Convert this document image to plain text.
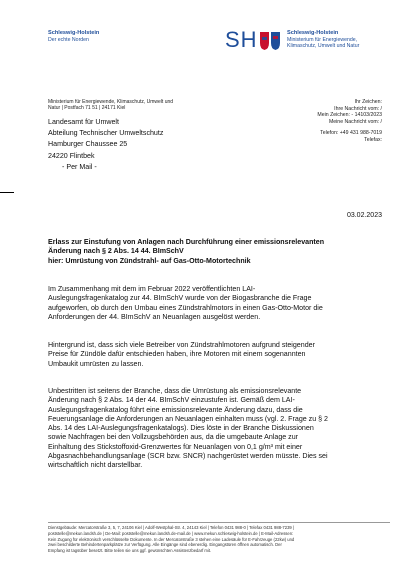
Schleswig-Holstein
Der echte Norden	SH	Schleswig-Holstein
Ministerium für Energiewende,
Klimaschutz, Umwelt und Natur
Ministerium für Energiewende, Klimaschutz, Umwelt und
Natur | Postfach 71 51 | 24171 Kiel
Landesamt für Umwelt
Abteilung Technischer Umweltschutz
Hamburger Chaussee 25
24220 Flintbek
- Per Mail -
Ihr Zeichen:
Ihre Nachricht vom: /
Mein Zeichen: - 14103/2023
Meine Nachricht vom: /
Telefon: +49 431 988-7019
Telefax:
03.02.2023
Erlass zur Einstufung von Anlagen nach Durchführung einer emissionsrelevanten
Änderung nach § 2 Abs. 14 44. BImSchV
hier: Umrüstung von Zündstrahl- auf Gas-Otto-Motortechnik
Im Zusammenhang mit dem im Februar 2022 veröffentlichten LAI-
Auslegungsfragenkatalog zur 44. BImSchV wurde von der Biogasbranche die Frage
aufgeworfen, ob durch den Umbau eines Zündstrahlmotors in einen Gas-Otto-Motor die
Anforderungen der 44. BImSchV an Neuanlagen ausgelöst werden.
Hintergrund ist, dass sich viele Betreiber von Zündstrahlmotoren aufgrund steigender
Preise für Zündöle dafür entschieden haben, ihre Motoren mit einem sogenannten
Umbaukit umrüsten zu lassen.
Unbestritten ist seitens der Branche, dass die Umrüstung als emissionsrelevante
Änderung nach § 2 Abs. 14 der 44. BImSchV einzustufen ist. Gemäß dem LAI-
Auslegungsfragenkatalog führt eine emissionsrelevante Änderung dazu, dass die
Feuerungsanlage die Anforderungen an Neuanlagen einhalten muss (vgl. 2. Frage zu § 2
Abs. 14 des LAI-Auslegungsfragenkatalogs). Dies löste in der Branche Diskussionen
sowie Nachfragen bei den Vollzugsbehörden aus, da die umgebaute Anlage zur
Einhaltung des Stickstoffoxid-Grenzwertes für Neuanlagen von 0,1 g/m³ mit einer
Abgasnachbehandlungsanlage (SCR bzw. SNCR) nachgerüstet werden müsste. Dies sei
wirtschaftlich nicht darstellbar.
Dienstgebäude: Mercatorstraße 3, 5, 7, 24106 Kiel | Adolf-Westphal-Str. 4, 24143 Kiel | Telefon 0431 988-0 | Telefax 0431 988-7239 |
poststelle@mekun.landsh.de | De-Mail: poststelle@mekun.landsh.de-mail.de | www.mekun.schleswig-holstein.de | E-Mail-Adressen:
Kein Zugang für elektronisch verschlüsselte Dokumente. In der Mercatorstraße 3 stehen eine Ladesäule für E-Fahrzeuge (22kw) und
zwei beschilderte Behindertenparkplätze zur Verfügung. Alle Eingänge sind ebenerdig. Eingangstüren öffnen automatisch. Der
Empfang ist tagsüber besetzt. Bitte teilen sie uns ggf. gewünschten Assistenzbedarf mit.
